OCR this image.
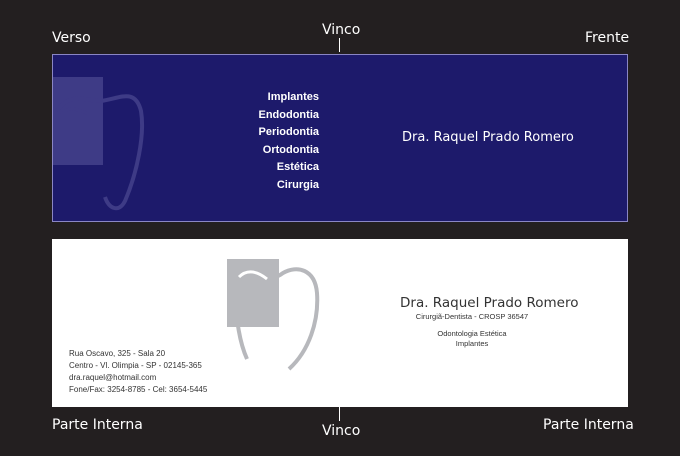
Verso	Vinco	Frente
Implantes
Endodontia
Periodontia
Ortodontia
Estética
Cirurgia
Dra. Raquel Prado Romero
Dra. Raquel Prado Romero
Cirurgiã-Dentista - CROSP 36547
Odontologia Estética
Implantes
Rua Oscavo, 325 - Sala 20
Centro - Vl. Olimpia - SP - 02145-365
dra.raquel@hotmail.com
Fone/Fax: 3254-8785 - Cel: 3654-5445
Parte Interna	Vinco	Parte Interna
